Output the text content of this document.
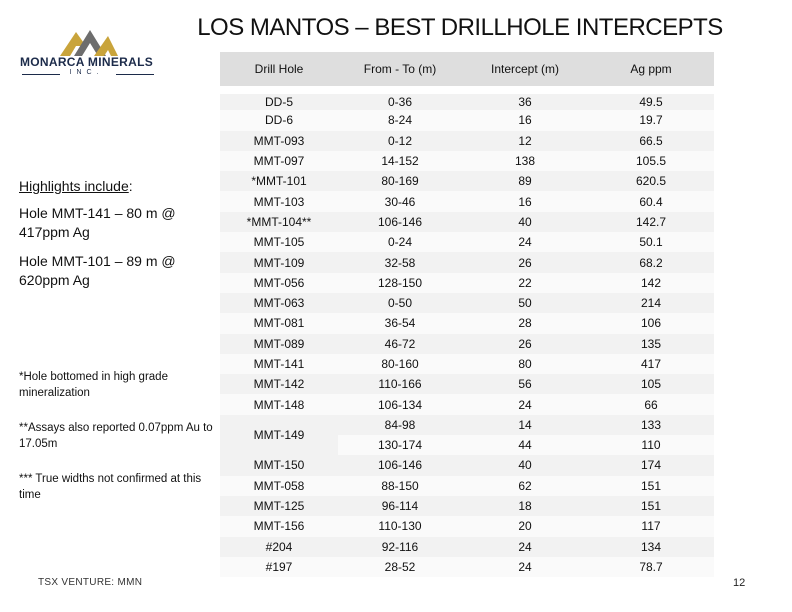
MONARCA MINERALS
INC.
LOS MANTOS – BEST DRILLHOLE INTERCEPTS
Highlights include:
Hole MMT-141 – 80 m @ 417ppm Ag
Hole MMT-101 – 89 m @ 620ppm Ag
*Hole bottomed in high grade mineralization
**Assays also reported 0.07ppm Au to 17.05m
*** True widths not confirmed at this time
Drill Hole	From - To (m)	Intercept (m)	Ag ppm
DD-5	0-36	36	49.5
DD-6	8-24	16	19.7
MMT-093	0-12	12	66.5
MMT-097	14-152	138	105.5
*MMT-101	80-169	89	620.5
MMT-103	30-46	16	60.4
*MMT-104**	106-146	40	142.7
MMT-105	0-24	24	50.1
MMT-109	32-58	26	68.2
MMT-056	128-150	22	142
MMT-063	0-50	50	214
MMT-081	36-54	28	106
MMT-089	46-72	26	135
MMT-141	80-160	80	417
MMT-142	110-166	56	105
MMT-148	106-134	24	66
MMT-149	84-98	14	133
	130-174	44	110
MMT-150	106-146	40	174
MMT-058	88-150	62	151
MMT-125	96-114	18	151
MMT-156	110-130	20	117
#204	92-116	24	134
#197	28-52	24	78.7
TSX VENTURE: MMN	12
